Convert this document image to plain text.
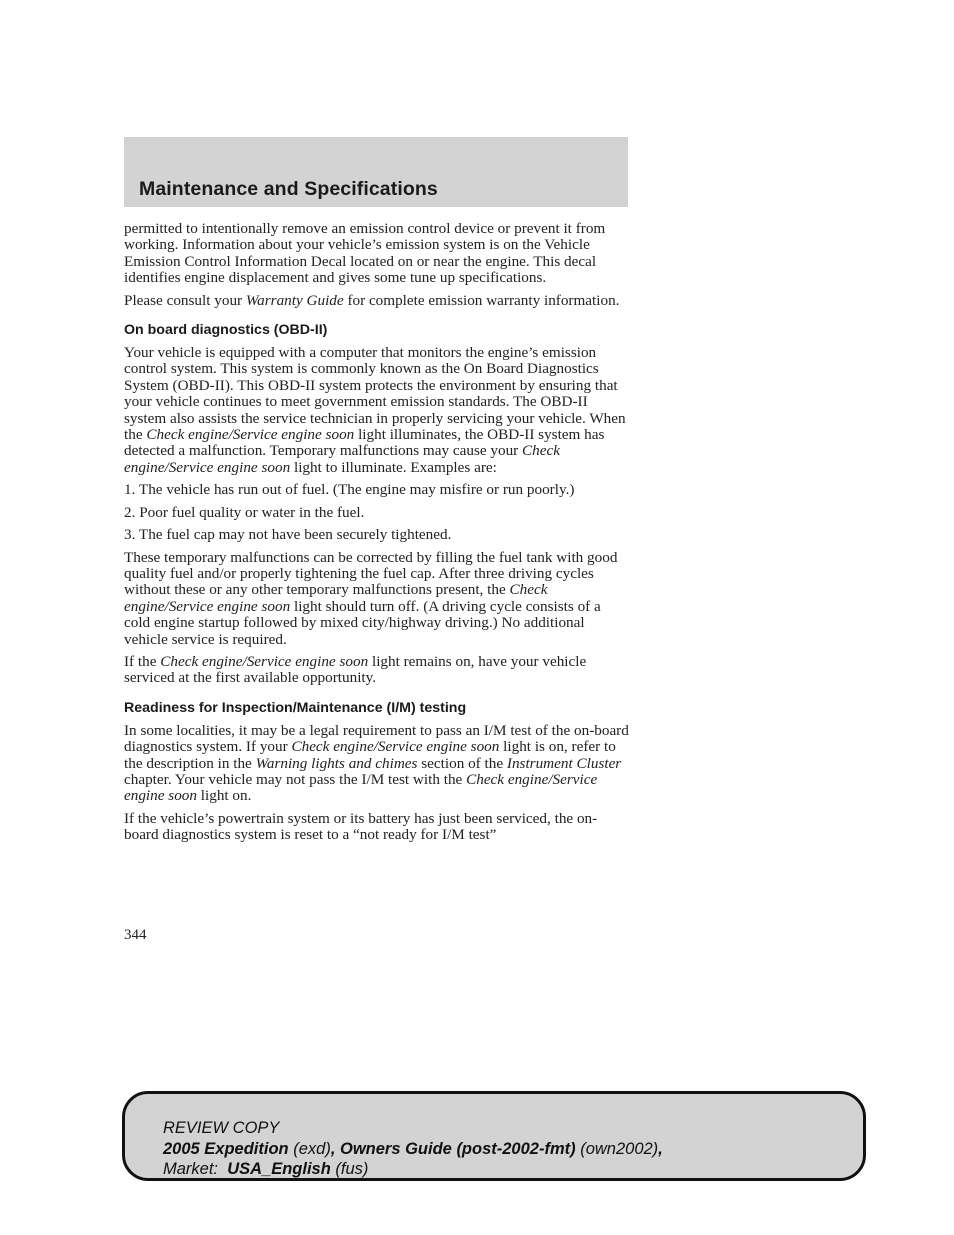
Maintenance and Specifications

permitted to intentionally remove an emission control device or prevent it from working. Information about your vehicle’s emission system is on the Vehicle Emission Control Information Decal located on or near the engine. This decal identifies engine displacement and gives some tune up specifications.

Please consult your Warranty Guide for complete emission warranty information.

On board diagnostics (OBD-II)

Your vehicle is equipped with a computer that monitors the engine’s emission control system. This system is commonly known as the On Board Diagnostics System (OBD-II). This OBD-II system protects the environment by ensuring that your vehicle continues to meet government emission standards. The OBD-II system also assists the service technician in properly servicing your vehicle. When the Check engine/Service engine soon light illuminates, the OBD-II system has detected a malfunction. Temporary malfunctions may cause your Check engine/Service engine soon light to illuminate. Examples are:

1. The vehicle has run out of fuel. (The engine may misfire or run poorly.)

2. Poor fuel quality or water in the fuel.

3. The fuel cap may not have been securely tightened.

These temporary malfunctions can be corrected by filling the fuel tank with good quality fuel and/or properly tightening the fuel cap. After three driving cycles without these or any other temporary malfunctions present, the Check engine/Service engine soon light should turn off. (A driving cycle consists of a cold engine startup followed by mixed city/highway driving.) No additional vehicle service is required.

If the Check engine/Service engine soon light remains on, have your vehicle serviced at the first available opportunity.

Readiness for Inspection/Maintenance (I/M) testing

In some localities, it may be a legal requirement to pass an I/M test of the on-board diagnostics system. If your Check engine/Service engine soon light is on, refer to the description in the Warning lights and chimes section of the Instrument Cluster chapter. Your vehicle may not pass the I/M test with the Check engine/Service engine soon light on.

If the vehicle’s powertrain system or its battery has just been serviced, the on-board diagnostics system is reset to a “not ready for I/M test”

344
REVIEW COPY
2005 Expedition (exd), Owners Guide (post-2002-fmt) (own2002),
Market:  USA_English (fus)
